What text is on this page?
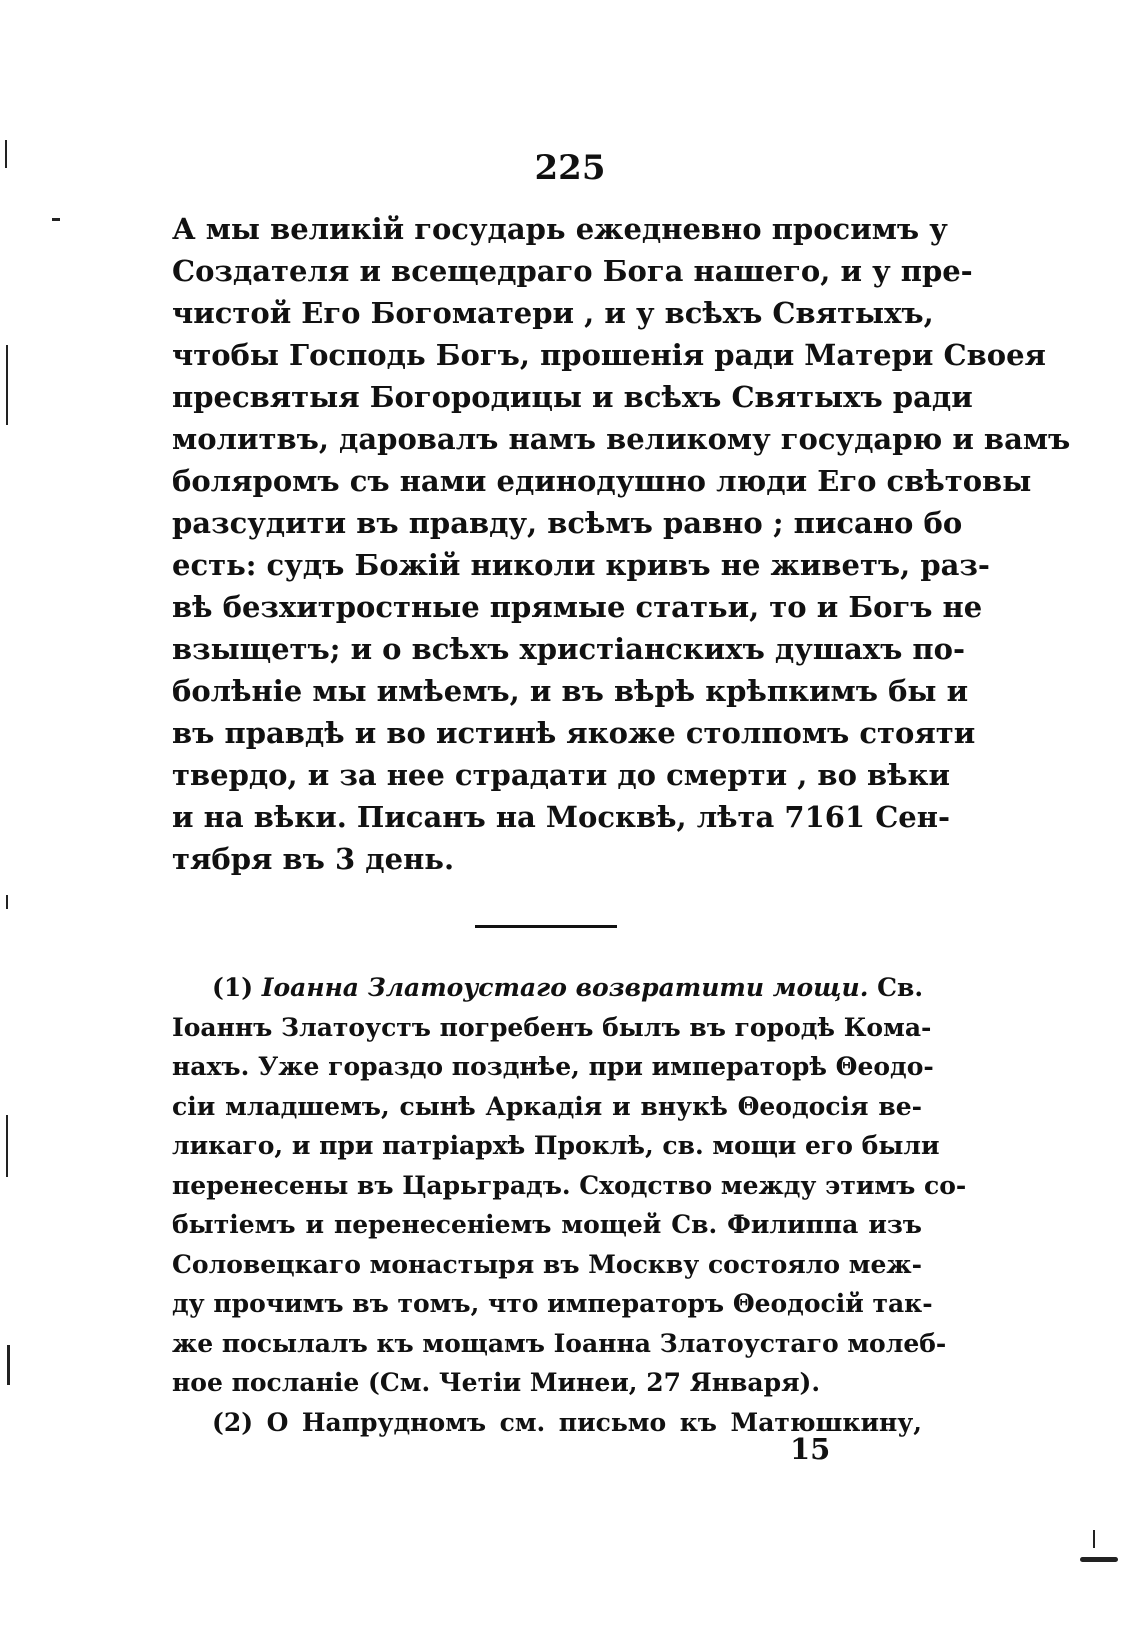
225
А мы великій государь ежедневно просимъ у
Создателя и всещедраго Бога нашего, и у пре-
чистой Его Богоматери , и у всѣхъ Святыхъ,
чтобы Господь Богъ, прошенія ради Матери Своея
пресвятыя Богородицы и всѣхъ Святыхъ ради
молитвъ, даровалъ намъ великому государю и вамъ
боляромъ съ нами единодушно люди Его свѣтовы
разсудити въ правду, всѣмъ равно ; писано бо
есть: судъ Божій николи кривъ не живетъ, раз-
вѣ безхитростные прямые статьи, то и Богъ не
взыщетъ; и о всѣхъ христіанскихъ душахъ по-
болѣніе мы имѣемъ, и въ вѣрѣ крѣпкимъ бы и
въ правдѣ и во истинѣ якоже столпомъ стояти
твердо, и за нее страдати до смерти , во вѣки
и на вѣки. Писанъ на Москвѣ, лѣта 7161 Сен-
тября въ 3 день.
(1) Іоанна Златоустаго возвратити мощи. Св.
Іоаннъ Златоустъ погребенъ былъ въ городѣ Кома-
нахъ. Уже гораздо позднѣе, при императорѣ Θеодо-
сіи младшемъ, сынѣ Аркадія и внукѣ Θеодосія ве-
ликаго, и при патріархѣ Проклѣ, св. мощи его были
перенесены въ Царьградъ. Сходство между этимъ со-
бытіемъ и перенесеніемъ мощей Св. Филиппа изъ
Соловецкаго монастыря въ Москву состояло меж-
ду прочимъ въ томъ, что императоръ Θеодосій так-
же посылалъ къ мощамъ Іоанна Златоустаго молеб-
ное посланіе (См. Четіи Минеи, 27 Января).
(2) О Напрудномъ см. письмо къ Матюшкину,
15
